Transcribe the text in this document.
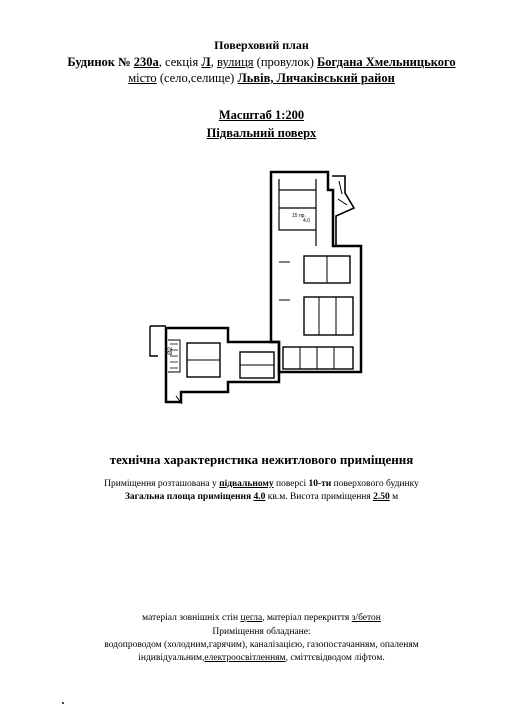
Поверховий план
Будинок № 230а, секція Л, вулиця (провулок) Богдана Хмельницького
місто (село,селище) Львів, Личаківський район
Масштаб 1:200
Підвальний поверх
15 пр.
4,0
Ø2
технічна характеристика нежитлового приміщення
Приміщення розташована у підвальному поверсі 10-ти поверхового будинку
Загальна площа приміщення 4.0 кв.м. Висота приміщення 2.50 м
матеріал зовнішніх стін цегла, матеріал перекриття з/бетон
Приміщення обладнане:
водопроводом (холодним,гарячим), каналізацією, газопостачанням, опаленям
індивідуальним,електроосвітленням, сміттєвідводом ліфтом.
